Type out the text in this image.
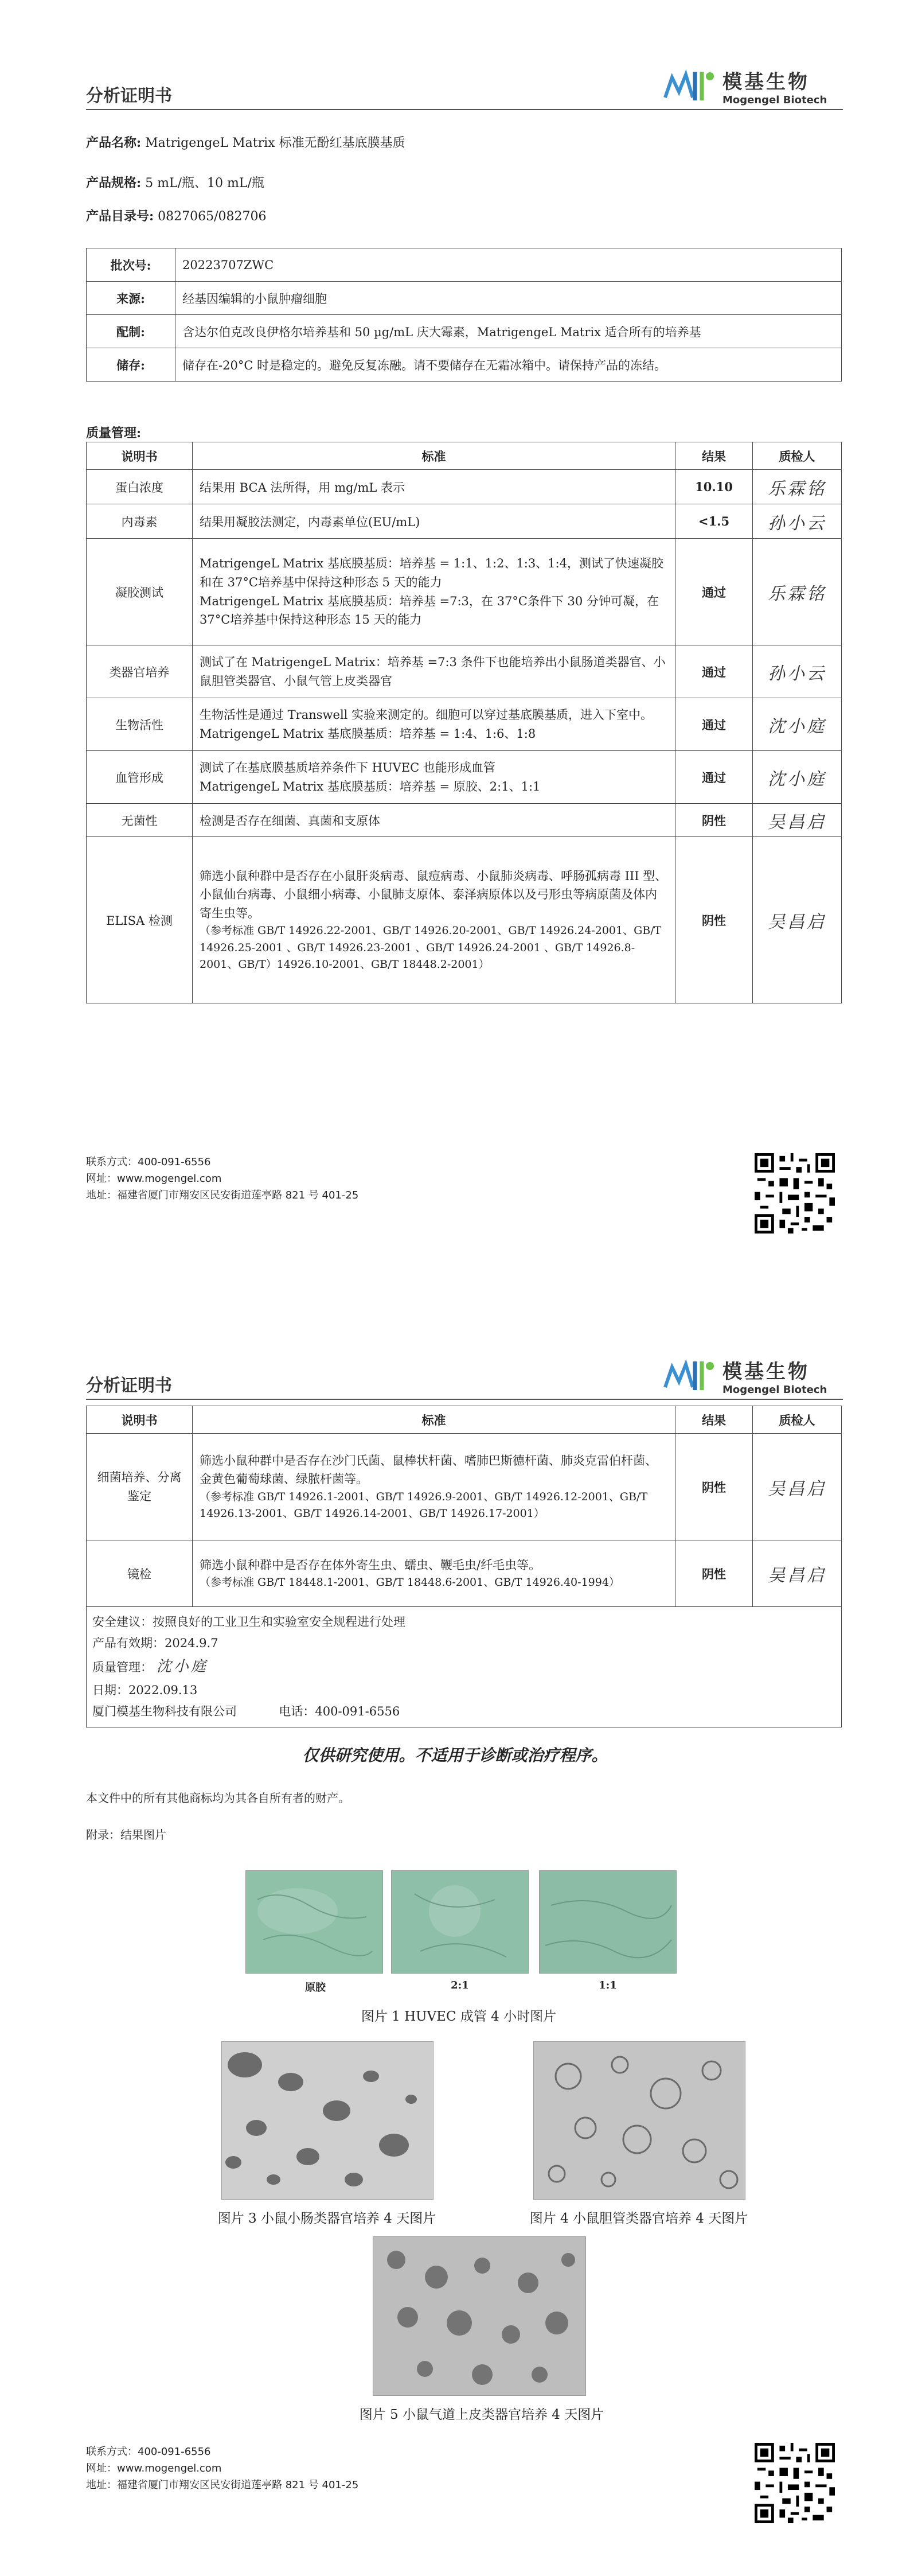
分析证明书
模基生物
Mogengel Biotech
产品名称: MatrigengeL Matrix 标准无酚红基底膜基质
产品规格: 5 mL/瓶、10 mL/瓶
产品目录号: 0827065/082706
批次号:	20223707ZWC
来源:	经基因编辑的小鼠肿瘤细胞
配制:	含达尔伯克改良伊格尔培养基和 50 µg/mL 庆大霉素，MatrigengeL Matrix 适合所有的培养基
储存:	储存在-20°C 时是稳定的。避免反复冻融。请不要储存在无霜冰箱中。请保持产品的冻结。
质量管理:
说明书	标准	结果	质检人
蛋白浓度	结果用 BCA 法所得，用 mg/mL 表示	10.10	乐霖铭
内毒素	结果用凝胶法测定，内毒素单位(EU/mL)	<1.5	孙小云
凝胶测试	MatrigengeL Matrix 基底膜基质：培养基 = 1:1、1:2、1:3、1:4，测试了快速凝胶和在 37°C培养基中保持这种形态 5 天的能力
MatrigengeL Matrix 基底膜基质：培养基 =7:3，在 37°C条件下 30 分钟可凝，在 37°C培养基中保持这种形态 15 天的能力	通过	乐霖铭
类器官培养	测试了在 MatrigengeL Matrix：培养基 =7:3 条件下也能培养出小鼠肠道类器官、小鼠胆管类器官、小鼠气管上皮类器官	通过	孙小云
生物活性	生物活性是通过 Transwell 实验来测定的。细胞可以穿过基底膜基质，进入下室中。MatrigengeL Matrix 基底膜基质：培养基 = 1:4、1:6、1:8	通过	沈小庭
血管形成	测试了在基底膜基质培养条件下 HUVEC 也能形成血管
MatrigengeL Matrix 基底膜基质：培养基 = 原胶、2:1、1:1	通过	沈小庭
无菌性	检测是否存在细菌、真菌和支原体	阴性	吴昌启
ELISA 检测	筛选小鼠种群中是否存在小鼠肝炎病毒、鼠痘病毒、小鼠肺炎病毒、呼肠孤病毒 III 型、小鼠仙台病毒、小鼠细小病毒、小鼠肺支原体、泰泽病原体以及弓形虫等病原菌及体内寄生虫等。
（参考标准 GB/T 14926.22-2001、GB/T 14926.20-2001、GB/T 14926.24-2001、GB/T 14926.25-2001 、GB/T 14926.23-2001 、GB/T 14926.24-2001 、GB/T 14926.8-2001、GB/T）14926.10-2001、GB/T 18448.2-2001）	阴性	吴昌启
联系方式：400-091-6556
网址：www.mogengel.com
地址：福建省厦门市翔安区民安街道莲亭路 821 号 401-25
分析证明书
模基生物
Mogengel Biotech
说明书	标准	结果	质检人
细菌培养、分离鉴定	筛选小鼠种群中是否存在沙门氏菌、鼠棒状杆菌、嗜肺巴斯德杆菌、肺炎克雷伯杆菌、金黄色葡萄球菌、绿脓杆菌等。
（参考标准 GB/T 14926.1-2001、GB/T 14926.9-2001、GB/T 14926.12-2001、GB/T 14926.13-2001、GB/T 14926.14-2001、GB/T 14926.17-2001）	阴性	吴昌启
镜检	筛选小鼠种群中是否存在体外寄生虫、蠕虫、鞭毛虫/纤毛虫等。
（参考标准 GB/T 18448.1-2001、GB/T 18448.6-2001、GB/T 14926.40-1994）	阴性	吴昌启

安全建议：按照良好的工业卫生和实验室安全规程进行处理
产品有效期：2024.9.7
质量管理： 沈小庭
日期：2022.09.13
厦门模基生物科技有限公司 电话：400-091-6556			
仅供研究使用。不适用于诊断或治疗程序。
本文件中的所有其他商标均为其各自所有者的财产。
附录：结果图片
原胶	2:1	1:1
图片 1 HUVEC 成管 4 小时图片
图片 3 小鼠小肠类器官培养 4 天图片	图片 4 小鼠胆管类器官培养 4 天图片
图片 5 小鼠气道上皮类器官培养 4 天图片
联系方式：400-091-6556
网址：www.mogengel.com
地址：福建省厦门市翔安区民安街道莲亭路 821 号 401-25
